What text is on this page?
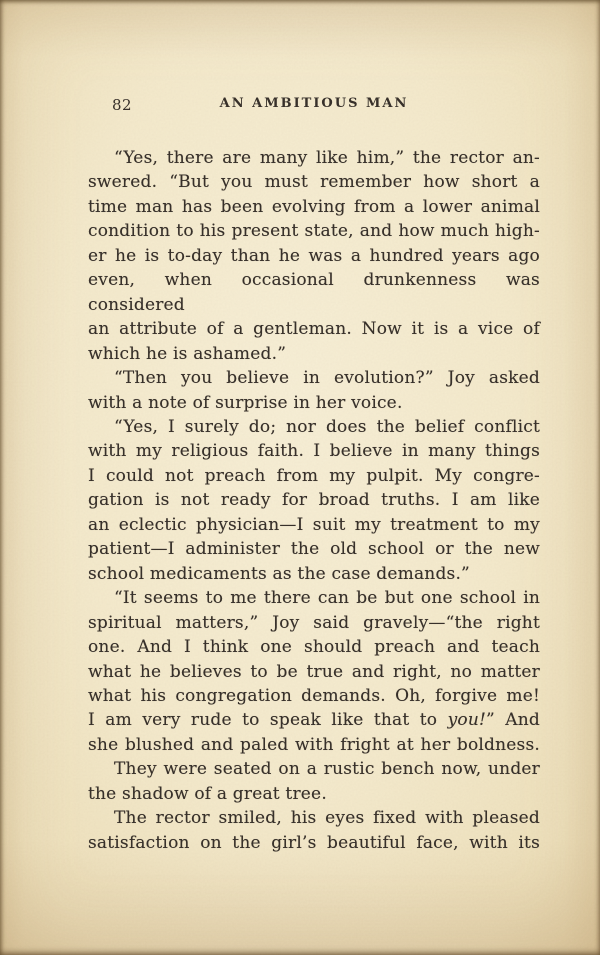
82	AN AMBITIOUS MAN
“Yes, there are many like him,” the rector an-
swered. “But you must remember how short a
time man has been evolving from a lower animal
condition to his present state, and how much high-
er he is to-day than he was a hundred years ago
even, when occasional drunkenness was considered
an attribute of a gentleman. Now it is a vice of
which he is ashamed.”
“Then you believe in evolution?” Joy asked
with a note of surprise in her voice.
“Yes, I surely do; nor does the belief conflict
with my religious faith. I believe in many things
I could not preach from my pulpit. My congre-
gation is not ready for broad truths. I am like
an eclectic physician—I suit my treatment to my
patient—I administer the old school or the new
school medicaments as the case demands.”
“It seems to me there can be but one school in
spiritual matters,” Joy said gravely—“the right
one. And I think one should preach and teach
what he believes to be true and right, no matter
what his congregation demands. Oh, forgive me!
I am very rude to speak like that to you!” And
she blushed and paled with fright at her boldness.
They were seated on a rustic bench now, under
the shadow of a great tree.
The rector smiled, his eyes fixed with pleased
satisfaction on the girl’s beautiful face, with its
